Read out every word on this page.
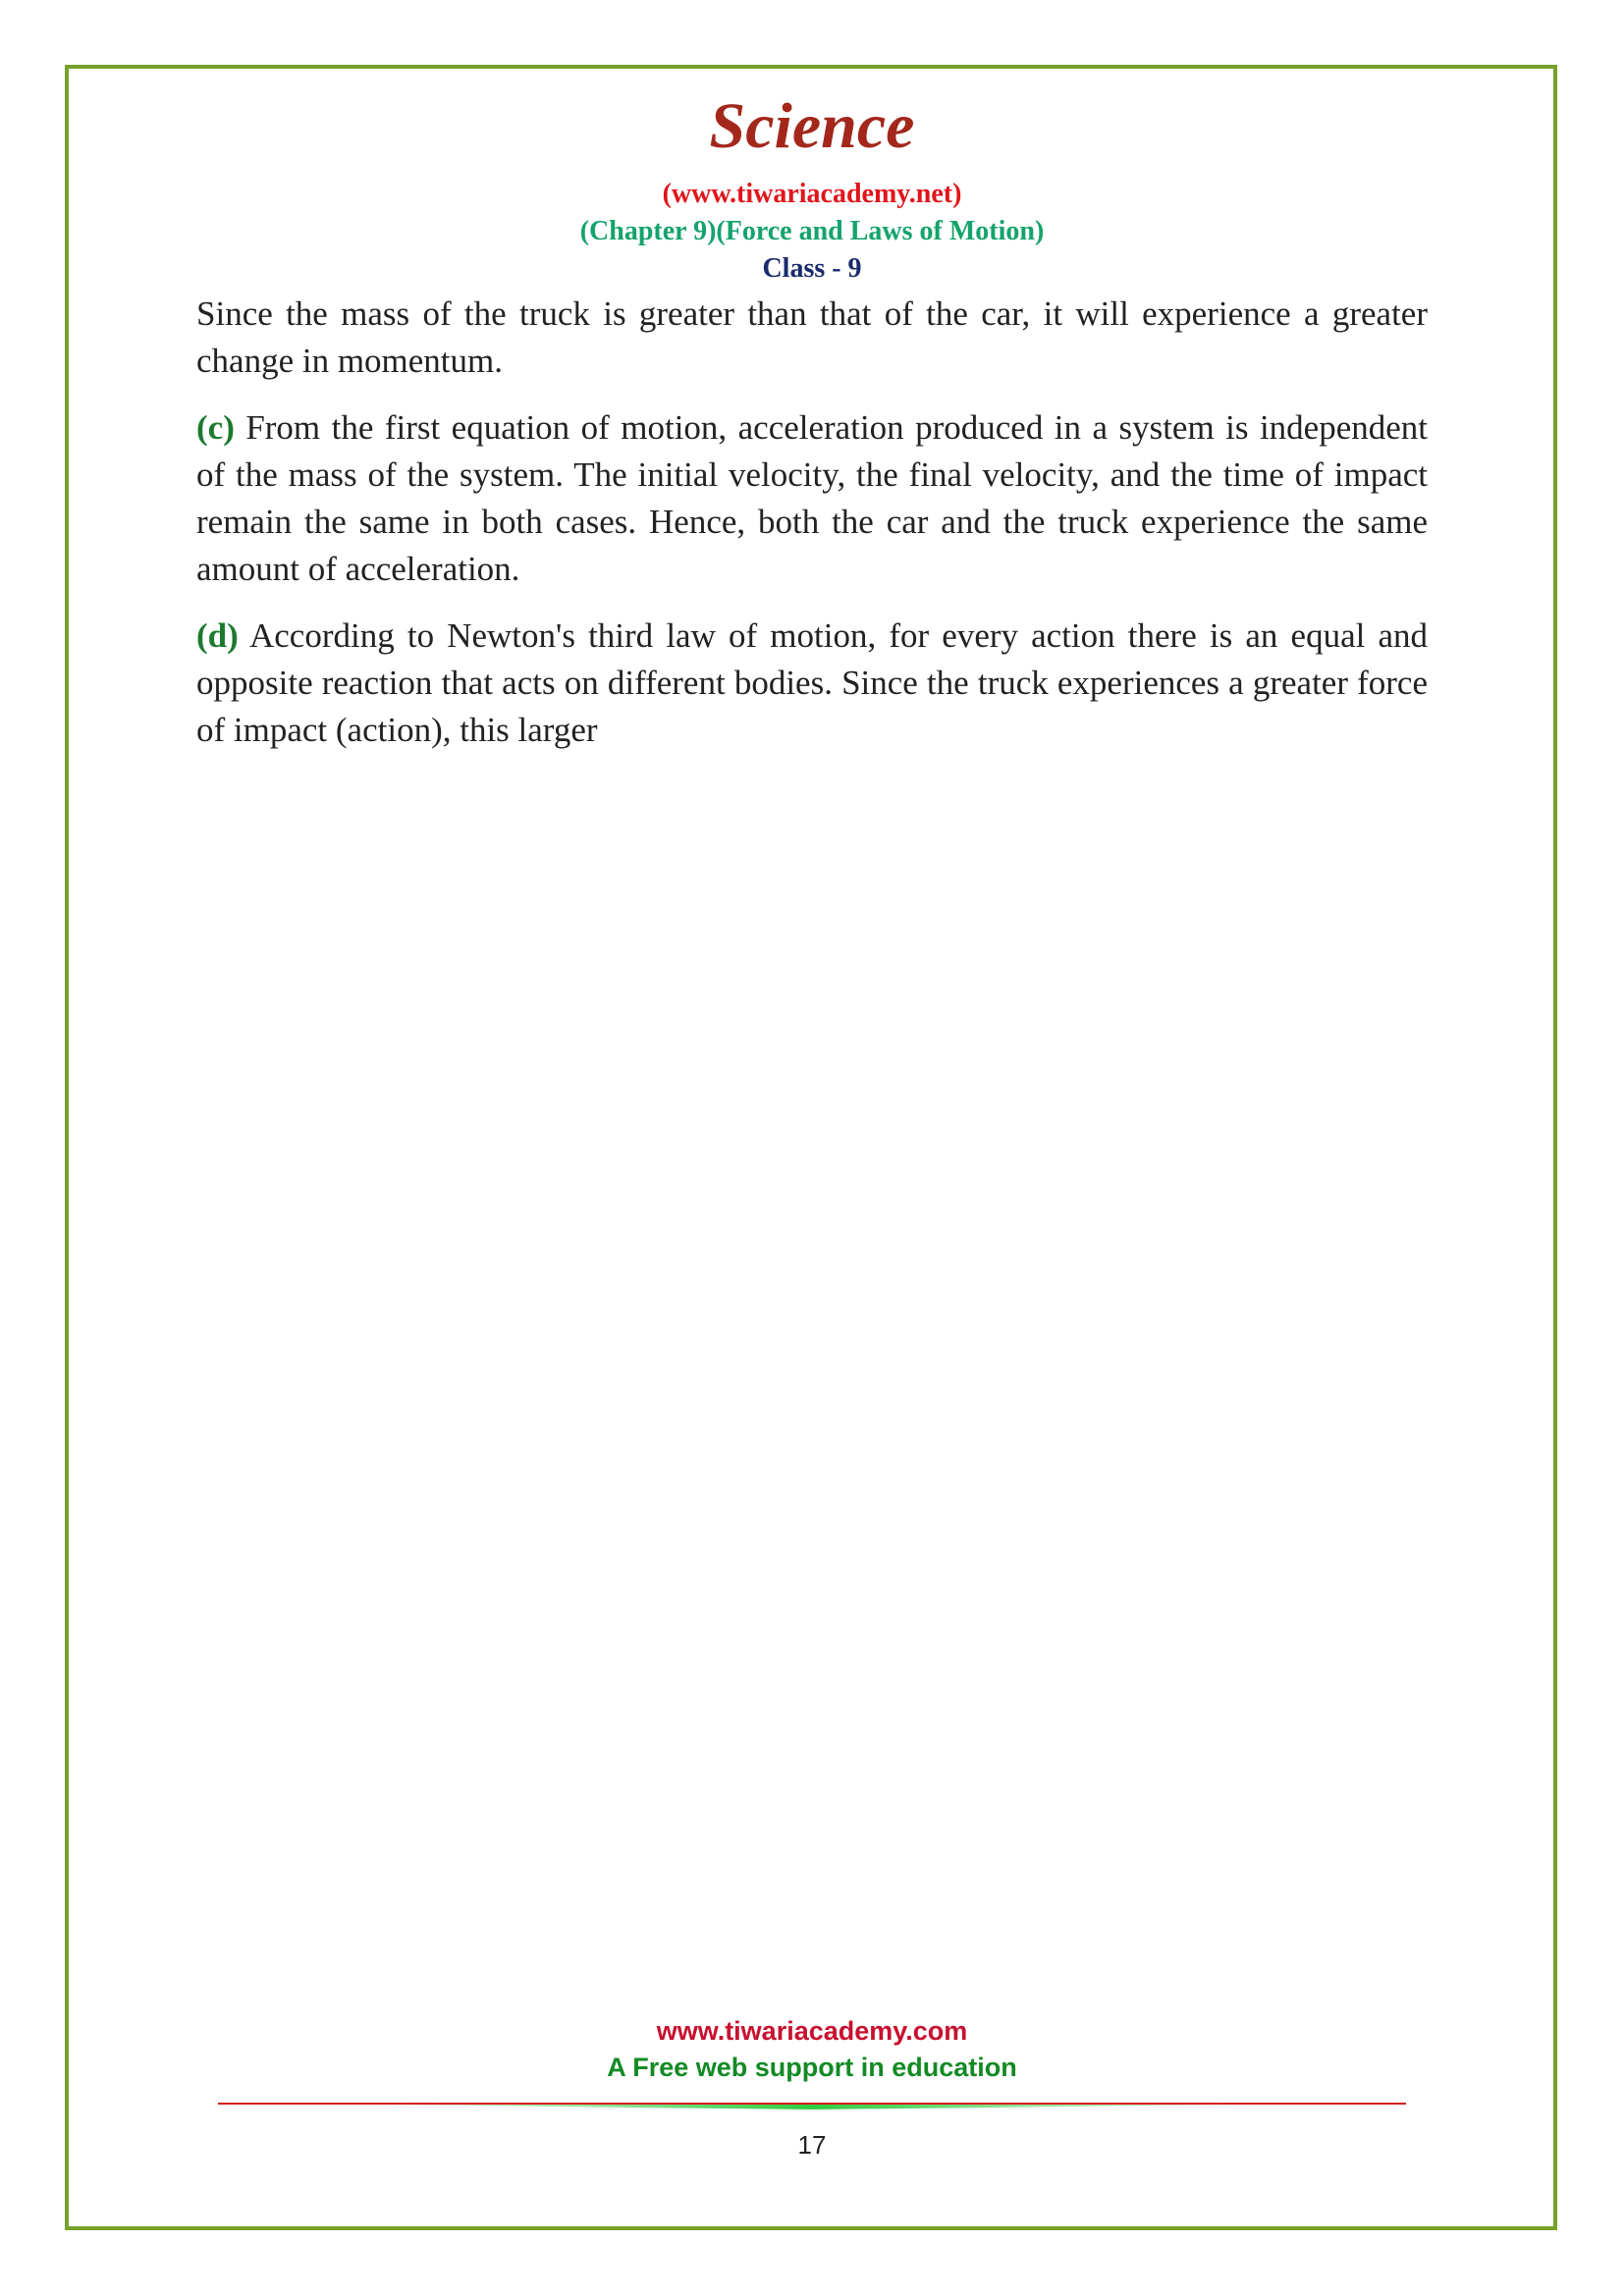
Science
(www.tiwariacademy.net)
(Chapter 9)(Force and Laws of Motion)
Class - 9

Since the mass of the truck is greater than that of the car, it will experience a greater change in momentum.

(c) From the first equation of motion, acceleration produced in a system is independent of the mass of the system. The initial velocity, the final velocity, and the time of impact remain the same in both cases. Hence, both the car and the truck experience the same amount of acceleration.

(d) According to Newton's third law of motion, for every action there is an equal and opposite reaction that acts on different bodies. Since the truck experiences a greater force of impact (action), this larger

www.tiwariacademy.com
A Free web support in education
17
